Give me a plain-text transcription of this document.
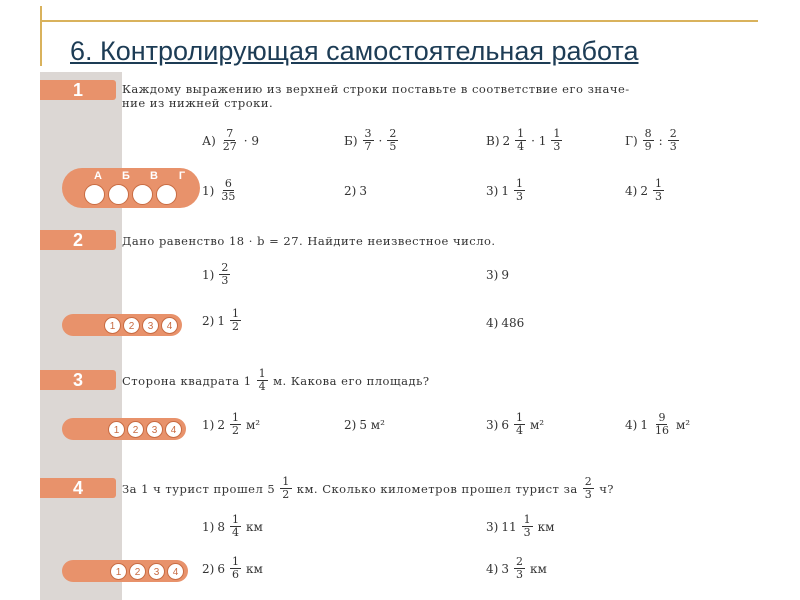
6. Контролирующая самостоятельная работа
1	Каждому выражению из верхней строки поставьте в соответствие его значе-
ние из нижней строки.
$А) \frac{7}{27} \cdot 9$	$Б) \frac{3}{7} \cdot \frac{2}{5}$	В) $2 \frac{1}{4} \cdot 1 \frac{1}{3}$	$Г) \frac{8}{9}$ : $\frac{2}{3}$
А	Б	В	Г
$1) \frac{6}{35}$	2) 3	3) $1 \frac{1}{3}$	4) $2 \frac{1}{3}$
2	Дано равенство 18 · b = 27. Найдите неизвестное число.
$1) \frac{2}{3}$	3) 9
1	2	3	4	2) $1 \frac{1}{2}$	4) 486
3	Сторона квадрата $1 \frac{1}{4} м$. Какова его площадь?
1	2	3	4	1) $2 \frac{1}{2} м^2$	2) 5 м²	3) $6 \frac{1}{4} м^2$	4) $1 \frac{9}{16} м^2$
4	За 1 ч турист прошел $5 \frac{1}{2}$ км. Сколько километров прошел турист за $\frac{2}{3} ч$?
1) $8 \frac{1}{4}$ км	3) $11 \frac{1}{3}$ км
1	2	3	4	2) $6 \frac{1}{6}$ км	4) $3 \frac{2}{3}$ км
